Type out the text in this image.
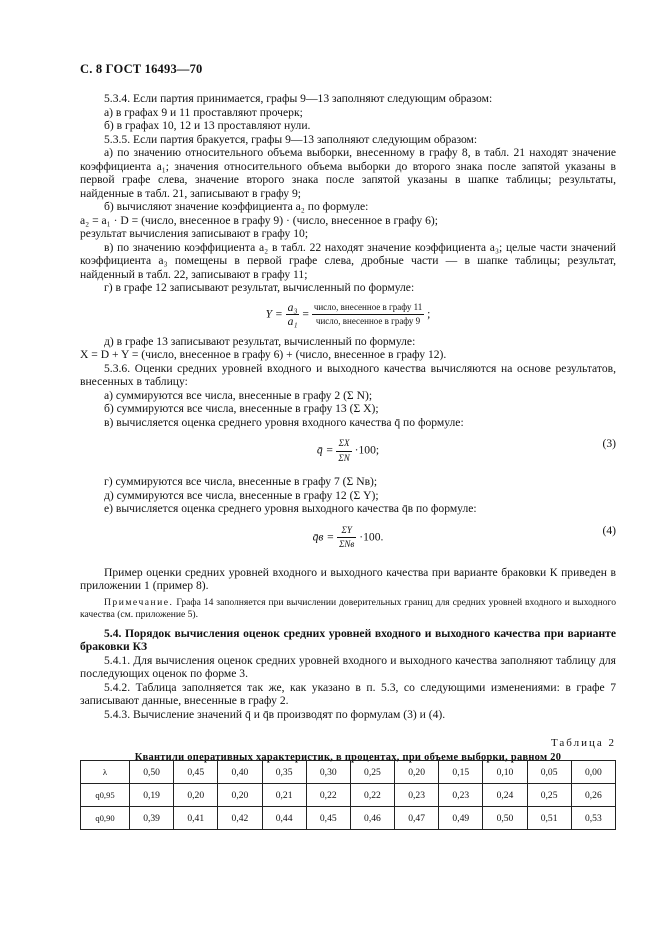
С. 8 ГОСТ 16493—70

5.3.4. Если партия принимается, графы 9—13 заполняют следующим образом:

а) в графах 9 и 11 проставляют прочерк;

б) в графах 10, 12 и 13 проставляют нули.

5.3.5. Если партия бракуется, графы 9—13 заполняют следующим образом:

а) по значению относительного объема выборки, внесенному в графу 8, в табл. 21 находят значение коэффициента a₁; значения относительного объема выборки до второго знака после запятой указаны в первой графе слева, значение второго знака после запятой указаны в шапке таблицы; результаты, найденные в табл. 21, записывают в графу 9;

б) вычисляют значение коэффициента a₂ по формуле:

a₂ = a₁ · D = (число, внесенное в графу 9) · (число, внесенное в графу 6);

результат вычисления записывают в графу 10;

в) по значению коэффициента a₂ в табл. 22 находят значение коэффициента a₃; целые части значений коэффициента a₃ помещены в первой графе слева, дробные части — в шапке таблицы; результат, найденный в табл. 22, записывают в графу 11;

г) в графе 12 записывают результат, вычисленный по формуле:

$Y = \frac{\text{a₃}}{\text{a₁}} = \frac{\text{число, внесенное в графу 11}}{\text{число, внесенное в графу 9}}$ ;

д) в графе 13 записывают результат, вычисленный по формуле:

X = D + Y = (число, внесенное в графу 6) + (число, внесенное в графу 12).

5.3.6. Оценки средних уровней входного и выходного качества вычисляются на основе результатов, внесенных в таблицу:

а) суммируются все числа, внесенные в графу 2 (Σ N);

б) суммируются все числа, внесенные в графу 13 (Σ X);

в) вычисляется оценка среднего уровня входного качества q̄ по формуле:

q̄ = $\frac{\Sigma X}{\Sigma N} \cdot 100$;
(3)

г) суммируются все числа, внесенные в графу 7 (Σ Nв);

д) суммируются все числа, внесенные в графу 12 (Σ Y);

е) вычисляется оценка среднего уровня выходного качества q̄в по формуле:

q̄в = $\frac{\Sigma Y}{\text{ΣNв}} \cdot 100$.
(4)

Пример оценки средних уровней входного и выходного качества при варианте браковки К приведен в приложении 1 (пример 8).

Примечание. Графа 14 заполняется при вычислении доверительных границ для средних уровней входного и выходного качества (см. приложение 5).

5.4. Порядок вычисления оценок средних уровней входного и выходного качества при варианте браковки КЗ

5.4.1. Для вычисления оценок средних уровней входного и выходного качества заполняют таблицу для последующих оценок по форме 3.

5.4.2. Таблица заполняется так же, как указано в п. 5.3, со следующими изменениями: в графе 7 записывают данные, внесенные в графу 2.

5.4.3. Вычисление значений q̄ и q̄в производят по формулам (3) и (4).

Таблица 2

Квантили оперативных характеристик, в процентах, при объеме выборки, равном 20

λ	0,50	0,45	0,40	0,35	0,30	0,25	0,20	0,15	0,10	0,05	0,00
q0,95	0,19	0,20	0,20	0,21	0,22	0,22	0,23	0,23	0,24	0,25	0,26
q0,90	0,39	0,41	0,42	0,44	0,45	0,46	0,47	0,49	0,50	0,51	0,53
